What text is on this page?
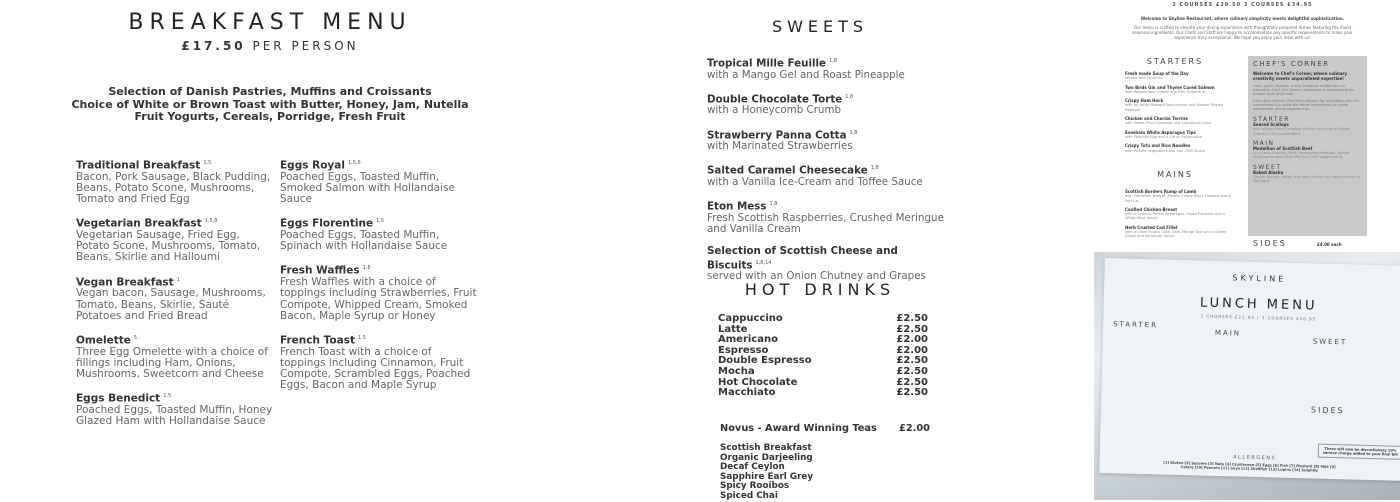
BREAKFAST MENU
£17.50 PER PERSON
Selection of Danish Pastries, Muffins and Croissants
Choice of White or Brown Toast with Butter, Honey, Jam, Nutella
Fruit Yogurts, Cereals, Porridge, Fresh Fruit
Traditional Breakfast $^{1,5}$
Bacon, Pork Sausage, Black Pudding, Beans, Potato Scone, Mushrooms, Tomato and Fried Egg
Vegetarian Breakfast $^{1,5,8}$
Vegetarian Sausage, Fried Egg, Potato Scone, Mushrooms, Tomato, Beans, Skirlie and Halloumi
Vegan Breakfast $^1$
Vegan bacon, Sausage, Mushrooms, Tomato, Beans, Skirlie, Sauté Potatoes and Fried Bread
Omelette $^5$
Three Egg Omelette with a choice of fillings including Ham, Onions, Mushrooms, Sweetcorn and Cheese
Eggs Benedict $^{1,5}$
Poached Eggs, Toasted Muffin, Honey Glazed Ham with Hollandaise Sauce
Eggs Royal $^{1,5,6}$
Poached Eggs, Toasted Muffin, Smoked Salmon with Hollandaise Sauce
Eggs Florentine $^{1,5}$
Poached Eggs, Toasted Muffin, Spinach with Hollandaise Sauce
Fresh Waffles $^{1,8}$
Fresh Waffles with a choice of toppings including Strawberries, Fruit Compote, Whipped Cream, Smoked Bacon, Maple Syrup or Honey
French Toast $^{1,5}$
French Toast with a choice of toppings including Cinnamon, Fruit Compote, Scrambled Eggs, Poached Eggs, Bacon and Maple Syrup
SWEETS
Tropical Mille Feuille $^{1,8}$
with a Mango Gel and Roast Pineapple
Double Chocolate Torte $^{1,8}$
with a Honeycomb Crumb
Strawberry Panna Cotta $^{1,8}$
with Marinated Strawberries
Salted Caramel Cheesecake $^{1,8}$
with a Vanilla Ice-Cream and Toffee Sauce
Eton Mess $^{1,8}$
Fresh Scottish Raspberries, Crushed Meringue and Vanilla Cream
Selection of Scottish Cheese and Biscuits $^{1,8,14}$
served with an Onion Chutney and Grapes
HOT DRINKS
Cappuccino	£2.50
Latte	£2.50
Americano	£2.00
Espresso	£2.00
Double Espresso	£2.50
Mocha	£2.50
Hot Chocolate	£2.50
Macchiato	£2.50
Novus - Award Winning Teas £2.00
Scottish Breakfast
Organic Darjeeling
Decaf Ceylon
Sapphire Earl Grey
Spicy Rooibos
Spiced Chai
2 COURSES £29.50 3 COURSES £34.95
Welcome to Skyline Restaurant, where culinary simplicity meets delightful sophistication.
Our menu is crafted to elevate your dining experience with thoughtfully prepared dishes featuring the finest seasonal ingredients. Our Chefs and Staff are happy to accommodate any specific requirements to make your experience truly exceptional. We hope you enjoy your meal with us!
STARTERS
Fresh made Soup of the Day
served with Focaccia
Two Birds Gin and Thyme Cured Salmon
with Wasabi Sour Cream and Pink Grapefruit
Crispy Ham Hock
with an Arran Mustard Mayonnaise and Golden Pickled Beetroot
Chicken and Chorizo Terrine
with Sweet Plum Compote and Sourdough Crisp
Evesham White Asparagus Tips
with Poached Egg and a Citrus Hollandaise
Crispy Tofu and Rice Noodles
with Pickled Vegetables and Soy Chilli Sauce
MAINS
Scottish Borders Rump of Lamb
with Parmesan Risotto, Morels, Crispy Black Pudding and a Port Jus
Confied Chicken Breast
with a Celeriac Puree, Asparagus, Saute Potatoes and a White Wine Sauce
Herb Crusted Cod Fillet
with a Chive Potato Cake, Kale, Mange Tout and a Green Grape and Vermouth Sauce
SIDES	£4.00 each
CHEF'S CORNER
Welcome to Chef's Corner, where culinary creativity meets unparalleled expertise!
Here, you'll discover menu creations crafted by our Executive Chef, Jim Corner, dedicated to showcasing his unique style and taste.
Each dish reflects Chef Jim's passion for innovation and his commitment to using the finest ingredients to create memorable dining experiences.
STARTER
Seared Scallops
with a Baby Black Pudding, Saffron Sauce and Pickled Carrots (+£3 supplement)
MAIN
Medallion of Scottish Beef
on a Herb Crouton, Pâté, Parmentier Potatoes, Turned Mushrooms and a Rich Port Jus (+£5 supplement)
SWEET
Baked Alaska
Vanilla Sponge, Mixed Fruit and Vanilla Ice-Cream coated in Meringue
SKYLINE
LUNCH MENU
2 COURSES £21.95 | 3 COURSES £26.95
STARTER
MAIN
SWEET
SIDES
There will now be discretionary 10% service charge added to your final bill
ALLERGENS
[1] Gluten [2] Sesame [3] Nuts [4] Crustacean [5] Eggs [6] Fish [7] Mustard [8] Milk [9] Celery [10] Peanuts [11] Soya [12] Shellfish [13] Lupins [14] Sulphite
